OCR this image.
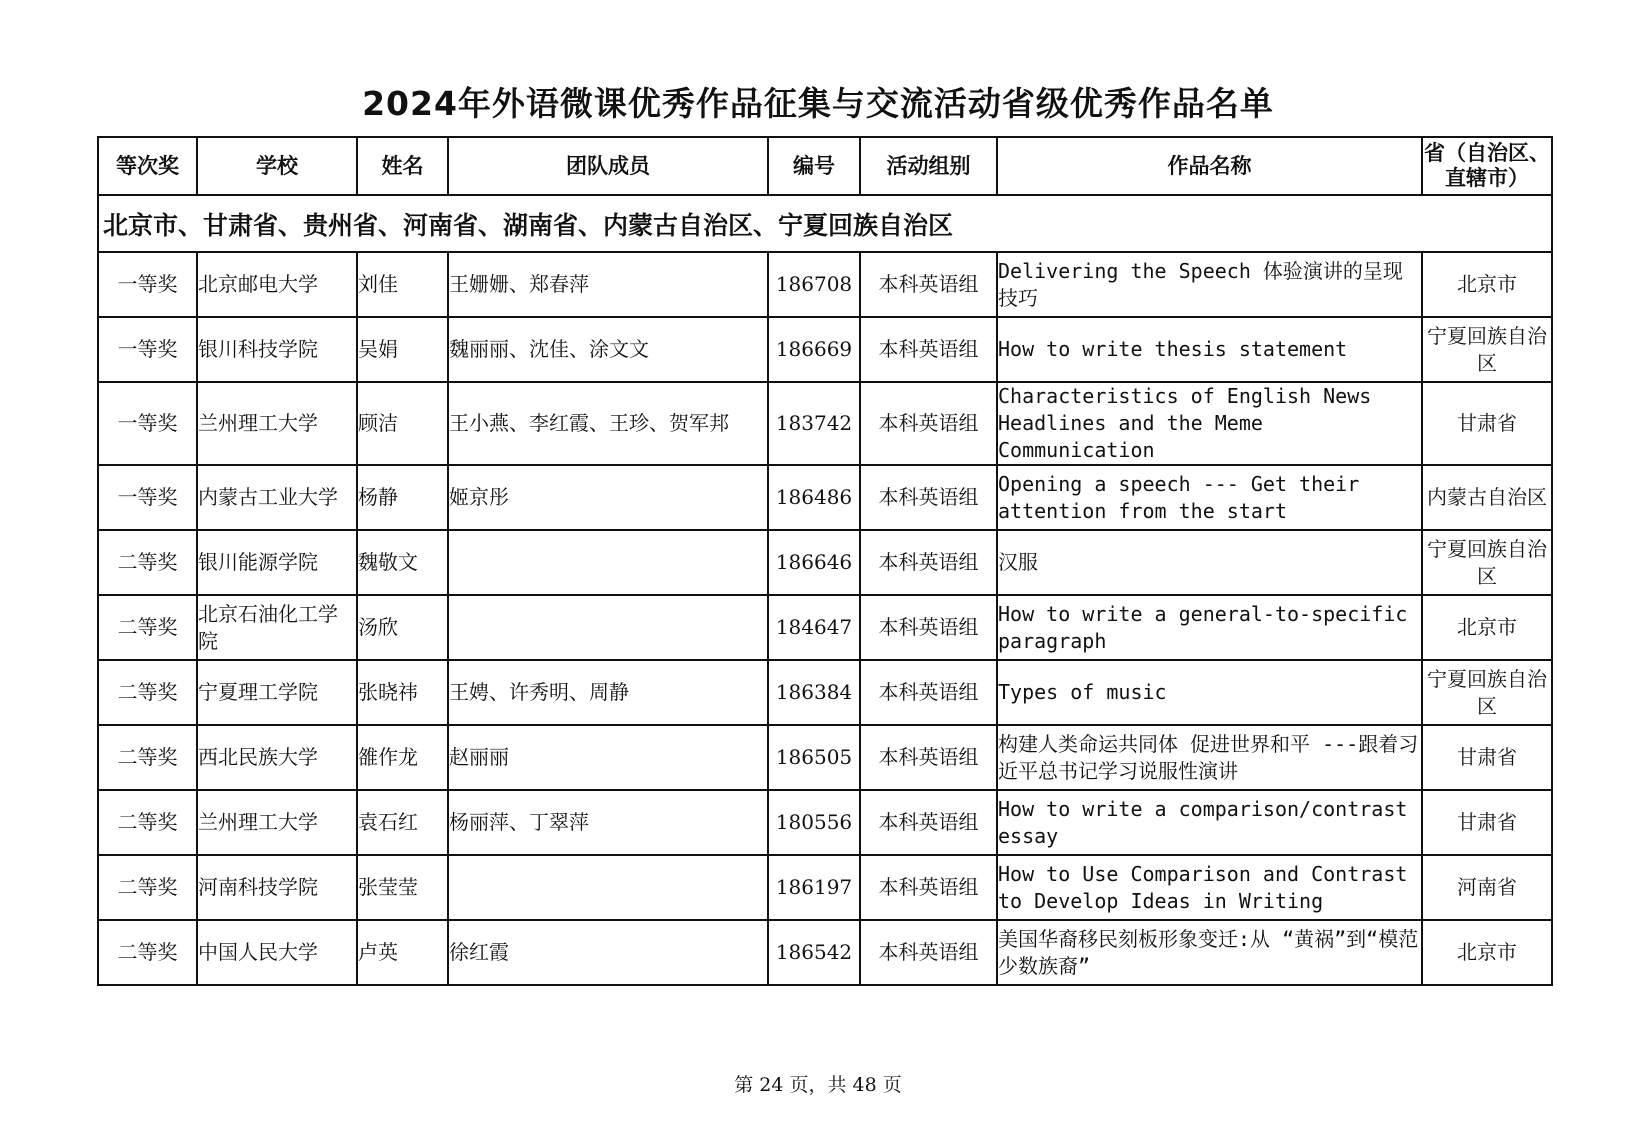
2024年外语微课优秀作品征集与交流活动省级优秀作品名单
等次奖	学校	姓名	团队成员	编号	活动组别	作品名称	省（自治区、直辖市）
北京市、甘肃省、贵州省、河南省、湖南省、内蒙古自治区、宁夏回族自治区							
一等奖	北京邮电大学	刘佳	王姗姗、郑春萍	186708	本科英语组	Delivering the Speech 体验演讲的呈现技巧	北京市
一等奖	银川科技学院	吴娟	魏丽丽、沈佳、涂文文	186669	本科英语组	How to write thesis statement	宁夏回族自治区
一等奖	兰州理工大学	顾洁	王小燕、李红霞、王珍、贺军邦	183742	本科英语组	Characteristics of English News Headlines and the Meme Communication	甘肃省
一等奖	内蒙古工业大学	杨静	姬京彤	186486	本科英语组	Opening a speech --- Get their attention from the start	内蒙古自治区
二等奖	银川能源学院	魏敬文		186646	本科英语组	汉服	宁夏回族自治区
二等奖	北京石油化工学院	汤欣		184647	本科英语组	How to write a general-to-specific paragraph	北京市
二等奖	宁夏理工学院	张晓祎	王娉、许秀明、周静	186384	本科英语组	Types of music	宁夏回族自治区
二等奖	西北民族大学	雒作龙	赵丽丽	186505	本科英语组	构建人类命运共同体 促进世界和平 ---跟着习近平总书记学习说服性演讲	甘肃省
二等奖	兰州理工大学	袁石红	杨丽萍、丁翠萍	180556	本科英语组	How to write a comparison/contrast essay	甘肃省
二等奖	河南科技学院	张莹莹		186197	本科英语组	How to Use Comparison and Contrast to Develop Ideas in Writing	河南省
二等奖	中国人民大学	卢英	徐红霞	186542	本科英语组	美国华裔移民刻板形象变迁:从 “黄祸”到“模范少数族裔”	北京市
第 24 页，共 48 页
